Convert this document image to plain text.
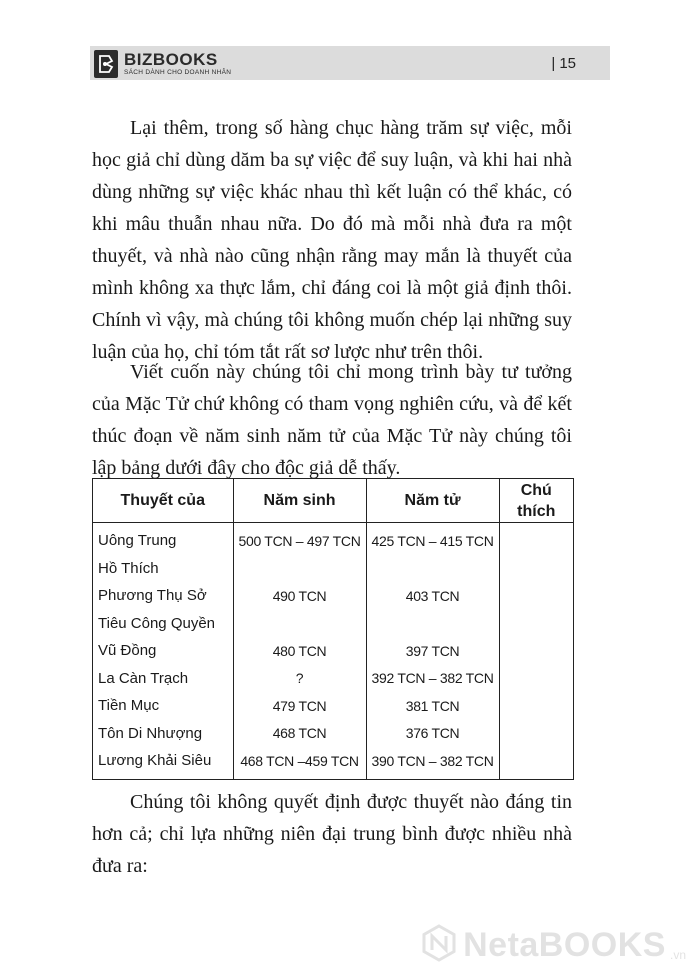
BIZBOOKS
SÁCH DÀNH CHO DOANH NHÂN
| 15

Lại thêm, trong số hàng chục hàng trăm sự việc, mỗi học giả chỉ dùng dăm ba sự việc để suy luận, và khi hai nhà dùng những sự việc khác nhau thì kết luận có thể khác, có khi mâu thuẫn nhau nữa. Do đó mà mỗi nhà đưa ra một thuyết, và nhà nào cũng nhận rằng may mắn là thuyết của mình không xa thực lắm, chỉ đáng coi là một giả định thôi. Chính vì vậy, mà chúng tôi không muốn chép lại những suy luận của họ, chỉ tóm tắt rất sơ lược như trên thôi.

Viết cuốn này chúng tôi chỉ mong trình bày tư tưởng của Mặc Tử chứ không có tham vọng nghiên cứu, và để kết thúc đoạn về năm sinh năm tử của Mặc Tử này chúng tôi lập bảng dưới đây cho độc giả dễ thấy.

Thuyết của	Năm sinh	Năm tử	Chú thích
Uông Trung	500 TCN – 497 TCN	425 TCN – 415 TCN	
Hồ Thích			
Phương Thụ Sở	490 TCN	403 TCN	
Tiêu Công Quyền			
Vũ Đồng	480 TCN	397 TCN	
La Càn Trạch	?	392 TCN – 382 TCN	
Tiền Mục	479 TCN	381 TCN	
Tôn Di Nhượng	468 TCN	376 TCN	
Lương Khải Siêu	468 TCN –459 TCN	390 TCN – 382 TCN	

Chúng tôi không quyết định được thuyết nào đáng tin hơn cả; chỉ lựa những niên đại trung bình được nhiều nhà đưa ra:

NetaBOOKS .vn
